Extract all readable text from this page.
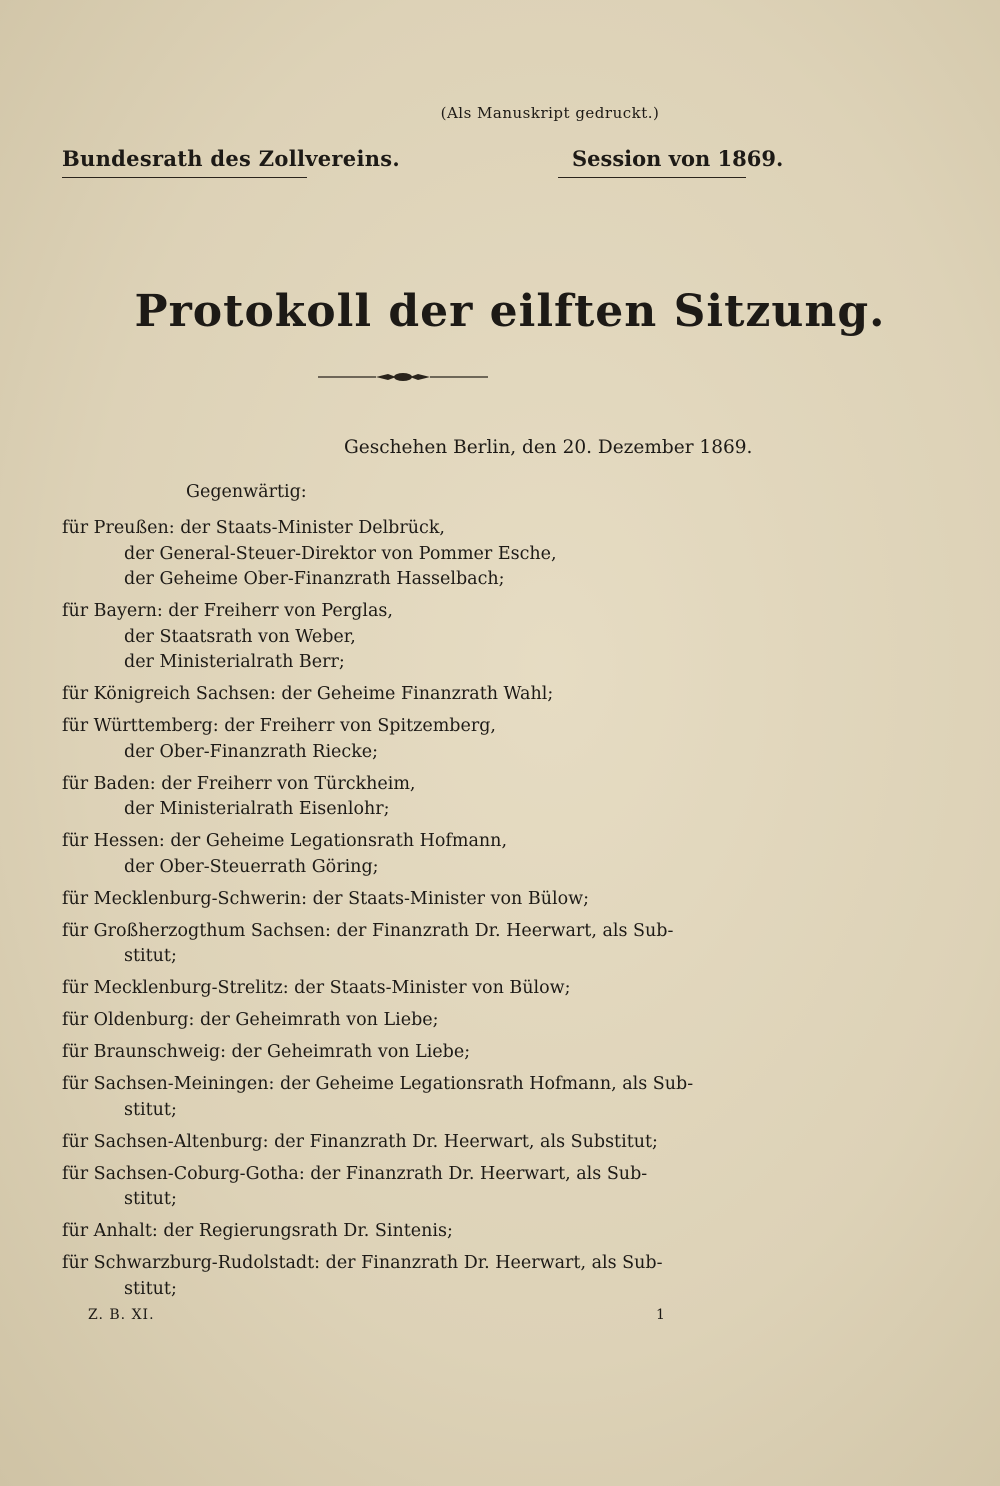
(Als Manuskript gedruckt.)
Bundesrath des Zollvereins.	Session von 1869.
Protokoll der eilften Sitzung.
Geschehen Berlin, den 20. Dezember 1869.
Gegenwärtig:
für Preußen: der Staats-Minister Delbrück,
der General-Steuer-Direktor von Pommer Esche,
der Geheime Ober-Finanzrath Hasselbach;
für Bayern: der Freiherr von Perglas,
der Staatsrath von Weber,
der Ministerialrath Berr;
für Königreich Sachsen: der Geheime Finanzrath Wahl;
für Württemberg: der Freiherr von Spitzemberg,
der Ober-Finanzrath Riecke;
für Baden: der Freiherr von Türckheim,
der Ministerialrath Eisenlohr;
für Hessen: der Geheime Legationsrath Hofmann,
der Ober-Steuerrath Göring;
für Mecklenburg-Schwerin: der Staats-Minister von Bülow;
für Großherzogthum Sachsen: der Finanzrath Dr. Heerwart, als Sub-
stitut;
für Mecklenburg-Strelitz: der Staats-Minister von Bülow;
für Oldenburg: der Geheimrath von Liebe;
für Braunschweig: der Geheimrath von Liebe;
für Sachsen-Meiningen: der Geheime Legationsrath Hofmann, als Sub-
stitut;
für Sachsen-Altenburg: der Finanzrath Dr. Heerwart, als Substitut;
für Sachsen-Coburg-Gotha: der Finanzrath Dr. Heerwart, als Sub-
stitut;
für Anhalt: der Regierungsrath Dr. Sintenis;
für Schwarzburg-Rudolstadt: der Finanzrath Dr. Heerwart, als Sub-
stitut;
Z. B. XI.	1
